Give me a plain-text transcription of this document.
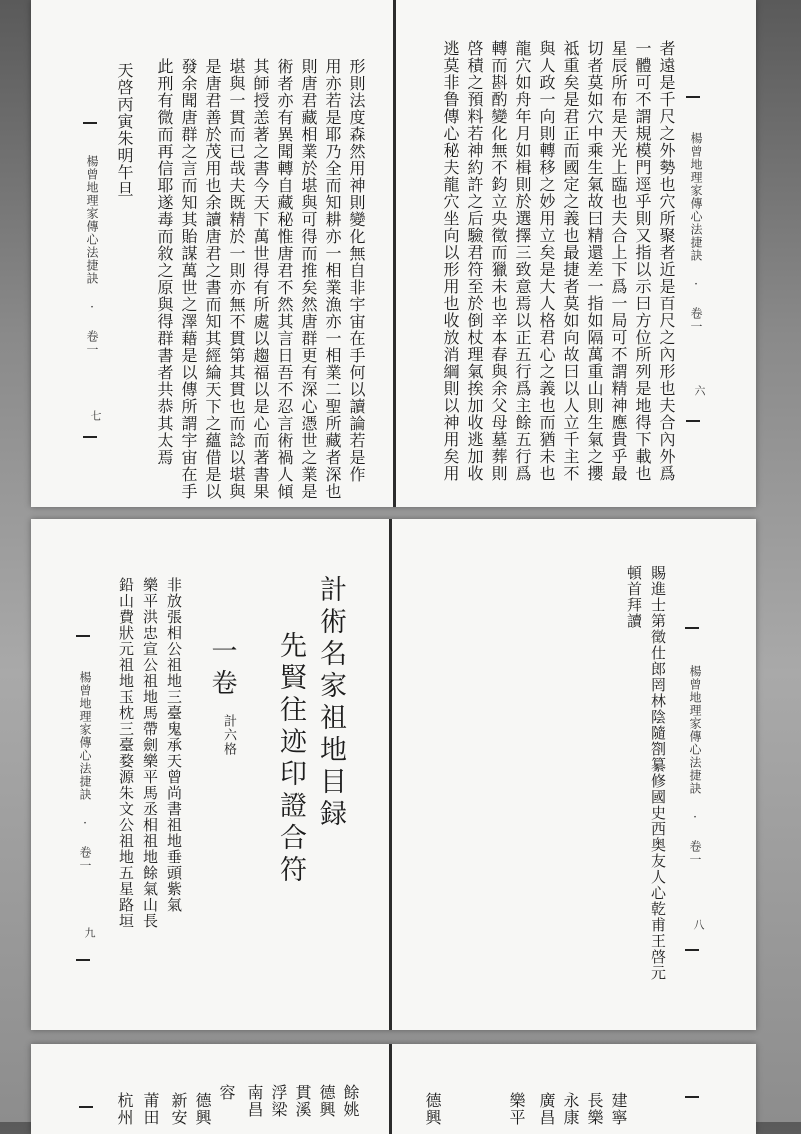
楊曾地理家傳心法捷訣 · 卷一
六
者遠是千尺之外勢也穴所聚者近是百尺之內形也夫合內外爲
一體可不謂規模門逕乎則又指以示曰方位所列是地得下載也
星辰所布是天光上臨也夫合上下爲一局可不謂精神應貴乎最
切者莫如穴中乘生氣故曰精還差一指如隔萬重山則生氣之攖
祗重矣是君正而國定之義也最捷者莫如向故曰以人立千主不
與人政一向則轉移之妙用立矣是大人格君心之義也而猶未也
龍穴如舟年月如楫則於選擇三致意焉以正五行爲主餘五行爲
轉而斟酌變化無不鈞立央徵而獵未也辛本春與余父母墓葬則
啓積之預料若神約許之后驗君符至於倒杖理氣挨加收逃加收
逃莫非鲁傳心秘夫龍穴坐向以形用也收放消綱則以神用矣用
形則法度森然用神則變化無自非宇宙在手何以讀論若是作
用亦若是耶乃全而知耕亦一相業漁亦一相業二聖所藏者深也
則唐君藏相業於堪與可得而推矣然唐群更有深心憑世之業是
術者亦有異聞轉自藏秘惟唐君不然其言日吾不忍言術禍人傾
其師授恙著之書今天下萬世得有所處以趨福以是心而著書果
堪與一貫而已哉夫既精於一則亦無不貫第其貫也而諗以堪與
是唐君善於茂用也余讀唐君之書而知其經綸天下之蘊借是以
發余聞唐群之言而知其貽謀萬世之澤藉是以傳所謂宇宙在手
此刑有微而再信耶遂毒而敘之原與得群書者共恭其太焉
天啓丙寅朱明午旦
楊曾地理家傳心法捷訣 · 卷一
七
楊曾地理家傳心法捷訣 · 卷一
八
賜進士第徵仕郎罔林陰隨劄纂修國史西奥友人心乾甫王啓元
頓首拜讀
計術名家祖地目録
先賢往迹印證合符
一卷
計六格
非放張相公祖地三臺鬼承天曾尚書祖地垂頭紫氣
樂平洪忠宣公祖地馬帶劍樂平馬丞相祖地餘氣山長
鉛山費狀元祖地玉枕三臺婺源朱文公祖地五星路垣
楊曾地理家傳心法捷訣 · 卷一
九
建寧
長樂
永康
廣昌
樂平
德興
餘姚
德興
貫溪
浮梁
南昌
容
德興
新安
莆田
杭州
